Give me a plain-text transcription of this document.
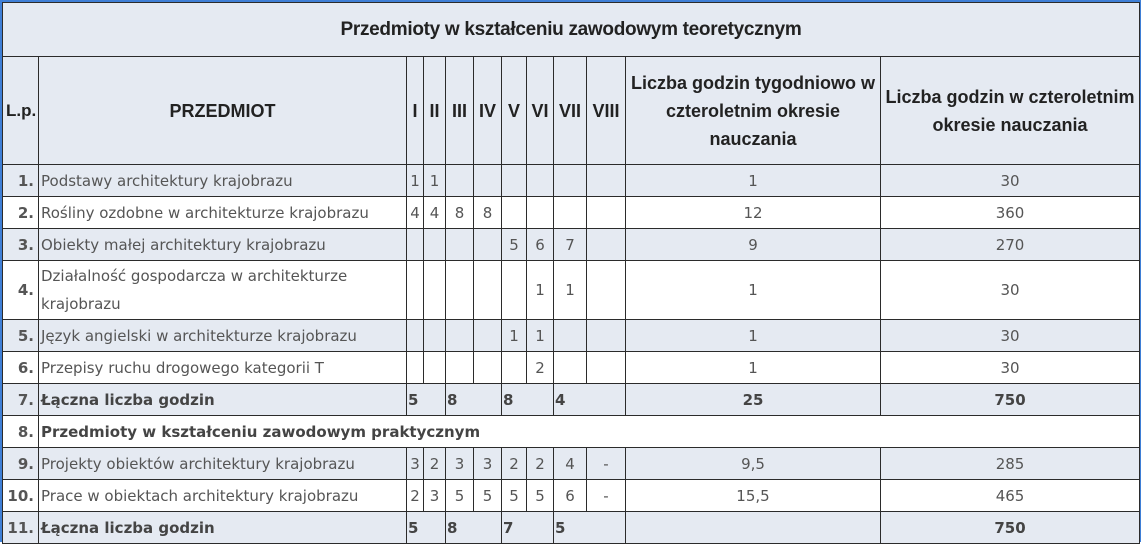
Przedmioty w kształceniu zawodowym teoretycznym											
L.p.	PRZEDMIOT	I	II	III	IV	V	VI	VII	VIII	Liczba godzin tygodniowo w czteroletnim okresie nauczania	Liczba godzin w czteroletnim okresie nauczania
1.	Podstawy architektury krajobrazu	1	1							1	30
2.	Rośliny ozdobne w architekturze krajobrazu	4	4	8	8					12	360
3.	Obiekty małej architektury krajobrazu					5	6	7		9	270
4.	Działalność gospodarcza w architekturze krajobrazu						1	1		1	30
5.	Język angielski w architekturze krajobrazu					1	1			1	30
6.	Przepisy ruchu drogowego kategorii T						2			1	30
7.	Łączna liczba godzin	5		8		8		4		25	750
8.	Przedmioty w kształceniu zawodowym praktycznym										
9.	Projekty obiektów architektury krajobrazu	3	2	3	3	2	2	4	-	9,5	285
10.	Prace w obiektach architektury krajobrazu	2	3	5	5	5	5	6	-	15,5	465
11.	Łączna liczba godzin	5		8		7		5			750
